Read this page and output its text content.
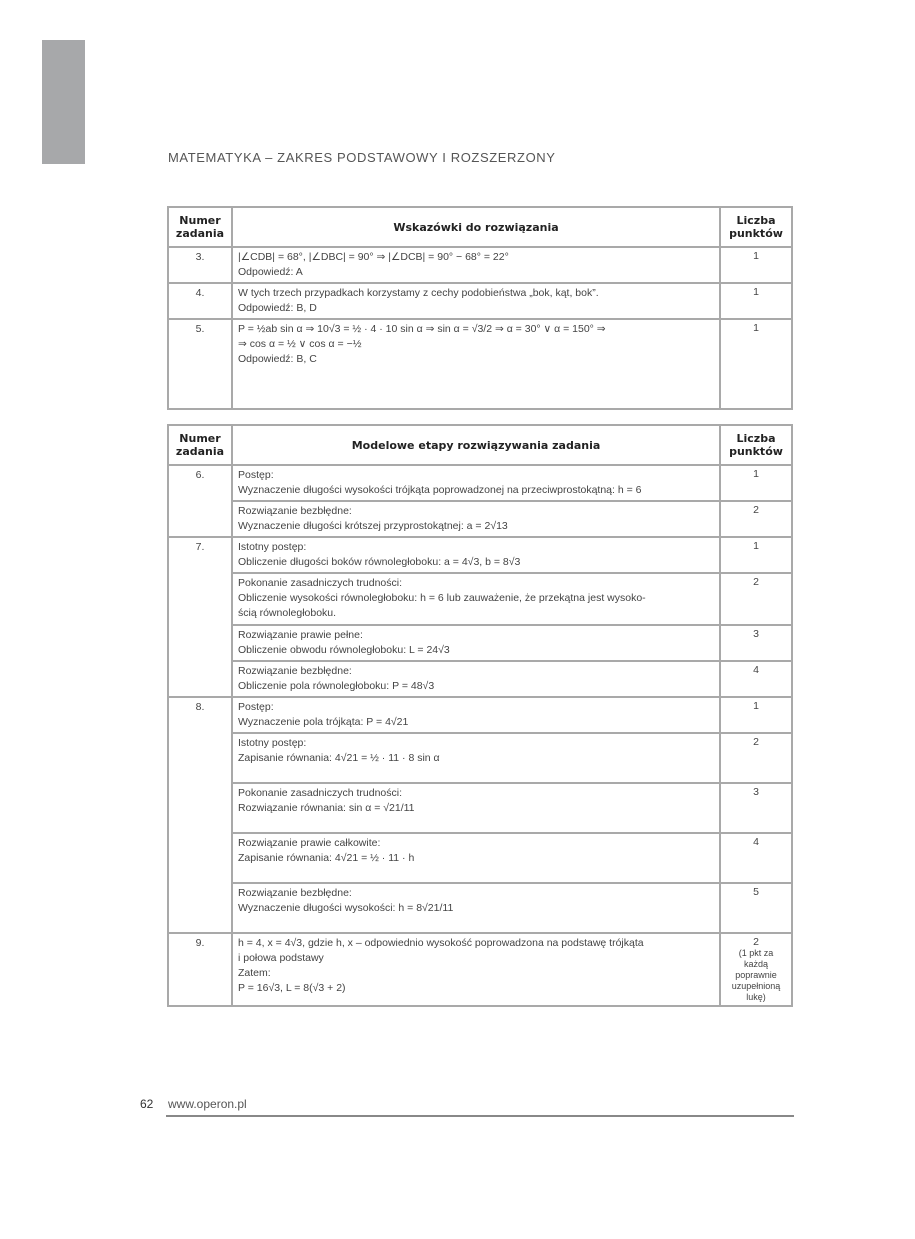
MATEMATYKA – ZAKRES PODSTAWOWY I ROZSZERZONY
Numer zadania	Wskazówki do rozwiązania	Liczba punktów
3.	|∠CDB| = 68°, |∠DBC| = 90° ⇒ |∠DCB| = 90° − 68° = 22°
Odpowiedź: A	1
4.	W tych trzech przypadkach korzystamy z cechy podobieństwa „bok, kąt, bok”.
Odpowiedź: B, D	1
5.	P = ½ab sin α ⇒ 10√3 = ½ · 4 · 10 sin α ⇒ sin α = √3/2 ⇒ α = 30° ∨ α = 150° ⇒
⇒ cos α = ½ ∨ cos α = −½
Odpowiedź: B, C	1
Numer zadania	Modelowe etapy rozwiązywania zadania	Liczba punktów
6.	Postęp:
Wyznaczenie długości wysokości trójkąta poprowadzonej na przeciwprostokątną: h = 6	1

	Rozwiązanie bezbłędne:
Wyznaczenie długości krótszej przyprostokątnej: a = 2√13	2
7.	Istotny postęp:
Obliczenie długości boków równoległoboku: a = 4√3, b = 8√3	1

	Pokonanie zasadniczych trudności:
Obliczenie wysokości równoległoboku: h = 6 lub zauważenie, że przekątna jest wysoko-
ścią równoległoboku.	2

	Rozwiązanie prawie pełne:
Obliczenie obwodu równoległoboku: L = 24√3	3

	Rozwiązanie bezbłędne:
Obliczenie pola równoległoboku: P = 48√3	4
8.	Postęp:
Wyznaczenie pola trójkąta: P = 4√21	1

	Istotny postęp:
Zapisanie równania: 4√21 = ½ · 11 · 8 sin α	2

	Pokonanie zasadniczych trudności:
Rozwiązanie równania: sin α = √21/11	3

	Rozwiązanie prawie całkowite:
Zapisanie równania: 4√21 = ½ · 11 · h	4

	Rozwiązanie bezbłędne:
Wyznaczenie długości wysokości: h = 8√21/11	5
9.	h = 4, x = 4√3, gdzie h, x – odpowiednio wysokość poprowadzona na podstawę trójkąta
i połowa podstawy
Zatem:
P = 16√3, L = 8(√3 + 2)	2
(1 pkt za każdą poprawnie uzupełnioną lukę)
62 www.operon.pl
